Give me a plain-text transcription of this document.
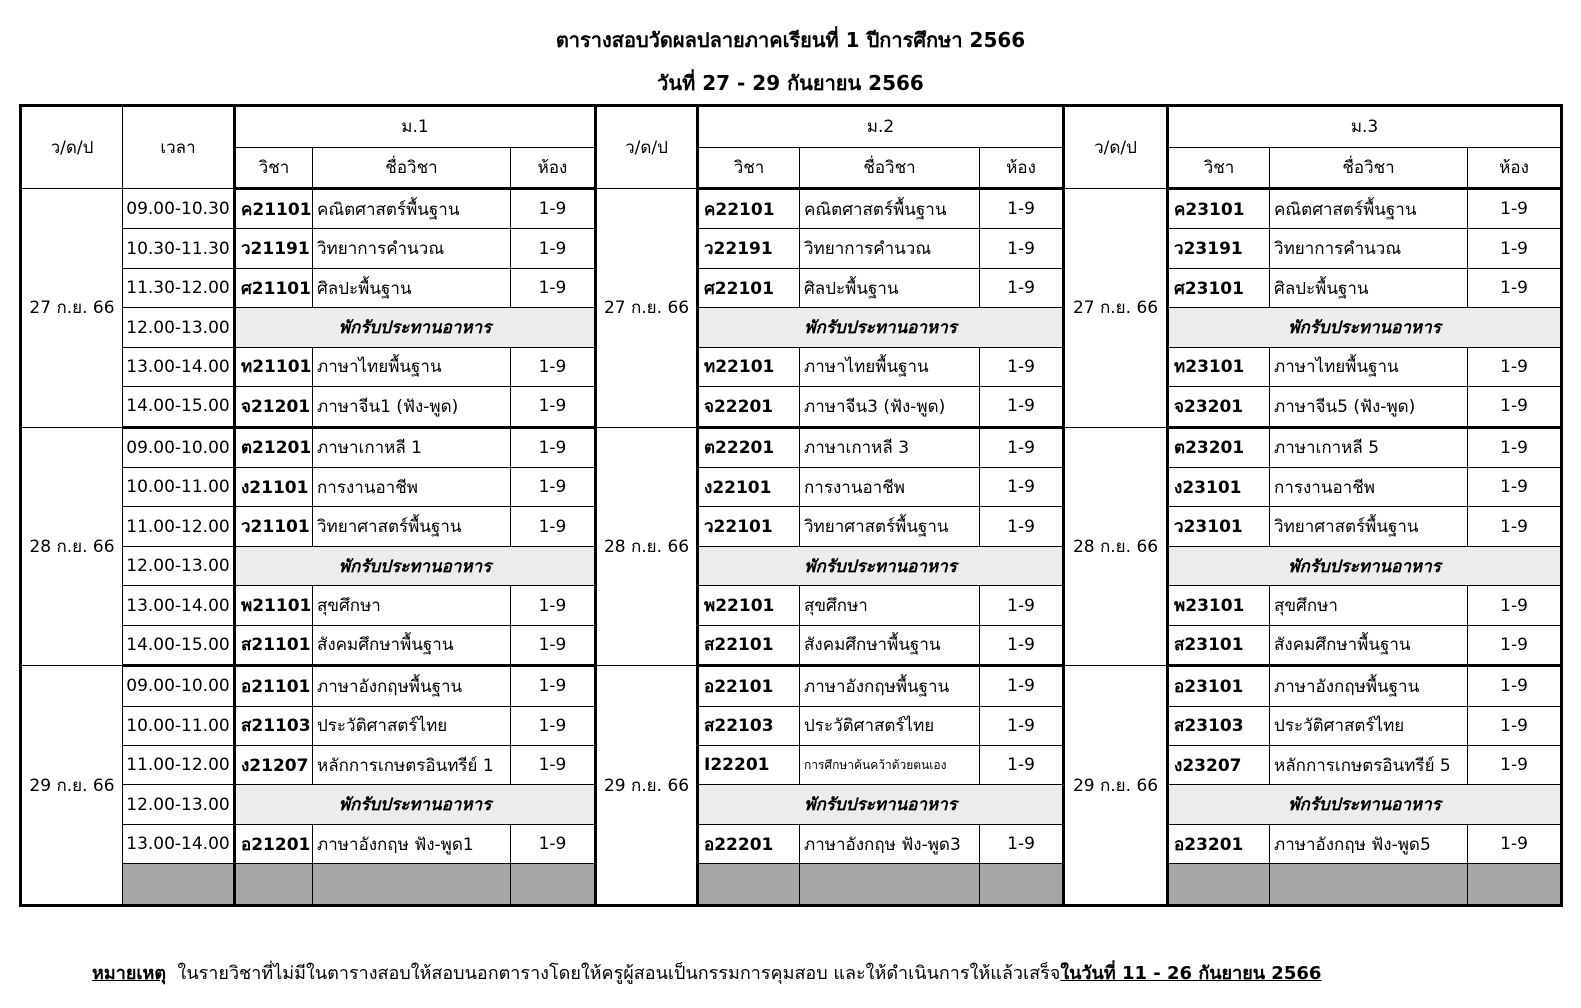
ตารางสอบวัดผลปลายภาคเรียนที่ 1 ปีการศึกษา 2566
วันที่ 27 - 29 กันยายน 2566
ว/ด/ป	เวลา	ม.1			ว/ด/ป	ม.2			ว/ด/ป	ม.3		
		วิชา	ชื่อวิชา	ห้อง		วิชา	ชื่อวิชา	ห้อง		วิชา	ชื่อวิชา	ห้อง
27 ก.ย. 66	09.00-10.30	ค21101	คณิตศาสตร์พื้นฐาน	1-9	27 ก.ย. 66	ค22101	คณิตศาสตร์พื้นฐาน	1-9	27 ก.ย. 66	ค23101	คณิตศาสตร์พื้นฐาน	1-9
	10.30-11.30	ว21191	วิทยาการคำนวณ	1-9		ว22191	วิทยาการคำนวณ	1-9		ว23191	วิทยาการคำนวณ	1-9
	11.30-12.00	ศ21101	ศิลปะพื้นฐาน	1-9		ศ22101	ศิลปะพื้นฐาน	1-9		ศ23101	ศิลปะพื้นฐาน	1-9
	12.00-13.00	พักรับประทานอาหาร				พักรับประทานอาหาร				พักรับประทานอาหาร		
	13.00-14.00	ท21101	ภาษาไทยพื้นฐาน	1-9		ท22101	ภาษาไทยพื้นฐาน	1-9		ท23101	ภาษาไทยพื้นฐาน	1-9
	14.00-15.00	จ21201	ภาษาจีน1 (ฟัง-พูด)	1-9		จ22201	ภาษาจีน3 (ฟัง-พูด)	1-9		จ23201	ภาษาจีน5 (ฟัง-พูด)	1-9
28 ก.ย. 66	09.00-10.00	ต21201	ภาษาเกาหลี 1	1-9	28 ก.ย. 66	ต22201	ภาษาเกาหลี 3	1-9	28 ก.ย. 66	ต23201	ภาษาเกาหลี 5	1-9
	10.00-11.00	ง21101	การงานอาชีพ	1-9		ง22101	การงานอาชีพ	1-9		ง23101	การงานอาชีพ	1-9
	11.00-12.00	ว21101	วิทยาศาสตร์พื้นฐาน	1-9		ว22101	วิทยาศาสตร์พื้นฐาน	1-9		ว23101	วิทยาศาสตร์พื้นฐาน	1-9
	12.00-13.00	พักรับประทานอาหาร				พักรับประทานอาหาร				พักรับประทานอาหาร		
	13.00-14.00	พ21101	สุขศึกษา	1-9		พ22101	สุขศึกษา	1-9		พ23101	สุขศึกษา	1-9
	14.00-15.00	ส21101	สังคมศึกษาพื้นฐาน	1-9		ส22101	สังคมศึกษาพื้นฐาน	1-9		ส23101	สังคมศึกษาพื้นฐาน	1-9
29 ก.ย. 66	09.00-10.00	อ21101	ภาษาอังกฤษพื้นฐาน	1-9	29 ก.ย. 66	อ22101	ภาษาอังกฤษพื้นฐาน	1-9	29 ก.ย. 66	อ23101	ภาษาอังกฤษพื้นฐาน	1-9
	10.00-11.00	ส21103	ประวัติศาสตร์ไทย	1-9		ส22103	ประวัติศาสตร์ไทย	1-9		ส23103	ประวัติศาสตร์ไทย	1-9
	11.00-12.00	ง21207	หลักการเกษตรอินทรีย์ 1	1-9		I22201	การศึกษาค้นคว้าด้วยตนเอง	1-9		ง23207	หลักการเกษตรอินทรีย์ 5	1-9
	12.00-13.00	พักรับประทานอาหาร				พักรับประทานอาหาร				พักรับประทานอาหาร		
	13.00-14.00	อ21201	ภาษาอังกฤษ ฟัง-พูด1	1-9		อ22201	ภาษาอังกฤษ ฟัง-พูด3	1-9		อ23201	ภาษาอังกฤษ ฟัง-พูด5	1-9

หมายเหตุ  ในรายวิชาที่ไม่มีในตารางสอบให้สอบนอกตารางโดยให้ครูผู้สอนเป็นกรรมการคุมสอบ และให้ดำเนินการให้แล้วเสร็จในวันที่ 11 - 26 กันยายน 2566
